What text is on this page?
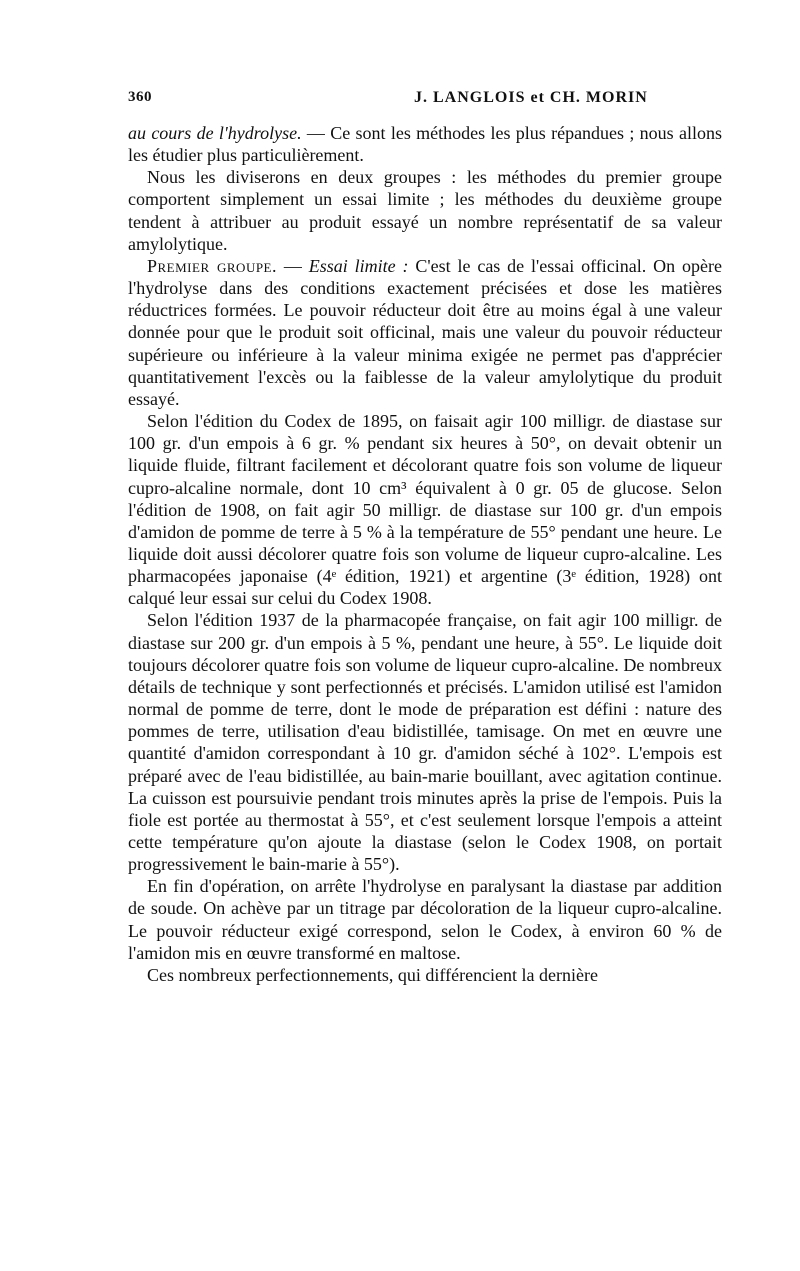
360	J. LANGLOIS et CH. MORIN

au cours de l'hydrolyse. — Ce sont les méthodes les plus répandues ; nous allons les étudier plus particulièrement.

Nous les diviserons en deux groupes : les méthodes du premier groupe comportent simplement un essai limite ; les méthodes du deuxième groupe tendent à attribuer au produit essayé un nombre représentatif de sa valeur amylolytique.

Premier groupe. — Essai limite : C'est le cas de l'essai officinal. On opère l'hydrolyse dans des conditions exactement précisées et dose les matières réductrices formées. Le pouvoir réducteur doit être au moins égal à une valeur donnée pour que le produit soit officinal, mais une valeur du pouvoir réducteur supérieure ou inférieure à la valeur minima exigée ne permet pas d'apprécier quantitativement l'excès ou la faiblesse de la valeur amylolytique du produit essayé.

Selon l'édition du Codex de 1895, on faisait agir 100 milligr. de diastase sur 100 gr. d'un empois à 6 gr. % pendant six heures à 50°, on devait obtenir un liquide fluide, filtrant facilement et décolorant quatre fois son volume de liqueur cupro-alcaline normale, dont 10 cm³ équivalent à 0 gr. 05 de glucose. Selon l'édition de 1908, on fait agir 50 milligr. de diastase sur 100 gr. d'un empois d'amidon de pomme de terre à 5 % à la température de 55° pendant une heure. Le liquide doit aussi décolorer quatre fois son volume de liqueur cupro-alcaline. Les pharmacopées japonaise (4ᵉ édition, 1921) et argentine (3ᵉ édition, 1928) ont calqué leur essai sur celui du Codex 1908.

Selon l'édition 1937 de la pharmacopée française, on fait agir 100 milligr. de diastase sur 200 gr. d'un empois à 5 %, pendant une heure, à 55°. Le liquide doit toujours décolorer quatre fois son volume de liqueur cupro-alcaline. De nombreux détails de technique y sont perfectionnés et précisés. L'amidon utilisé est l'amidon normal de pomme de terre, dont le mode de préparation est défini : nature des pommes de terre, utilisation d'eau bidistillée, tamisage. On met en œuvre une quantité d'amidon correspondant à 10 gr. d'amidon séché à 102°. L'empois est préparé avec de l'eau bidistillée, au bain-marie bouillant, avec agitation continue. La cuisson est poursuivie pendant trois minutes après la prise de l'empois. Puis la fiole est portée au thermostat à 55°, et c'est seulement lorsque l'empois a atteint cette température qu'on ajoute la diastase (selon le Codex 1908, on portait progressivement le bain-marie à 55°).

En fin d'opération, on arrête l'hydrolyse en paralysant la diastase par addition de soude. On achève par un titrage par décoloration de la liqueur cupro-alcaline. Le pouvoir réducteur exigé correspond, selon le Codex, à environ 60 % de l'amidon mis en œuvre transformé en maltose.

Ces nombreux perfectionnements, qui différencient la dernière
